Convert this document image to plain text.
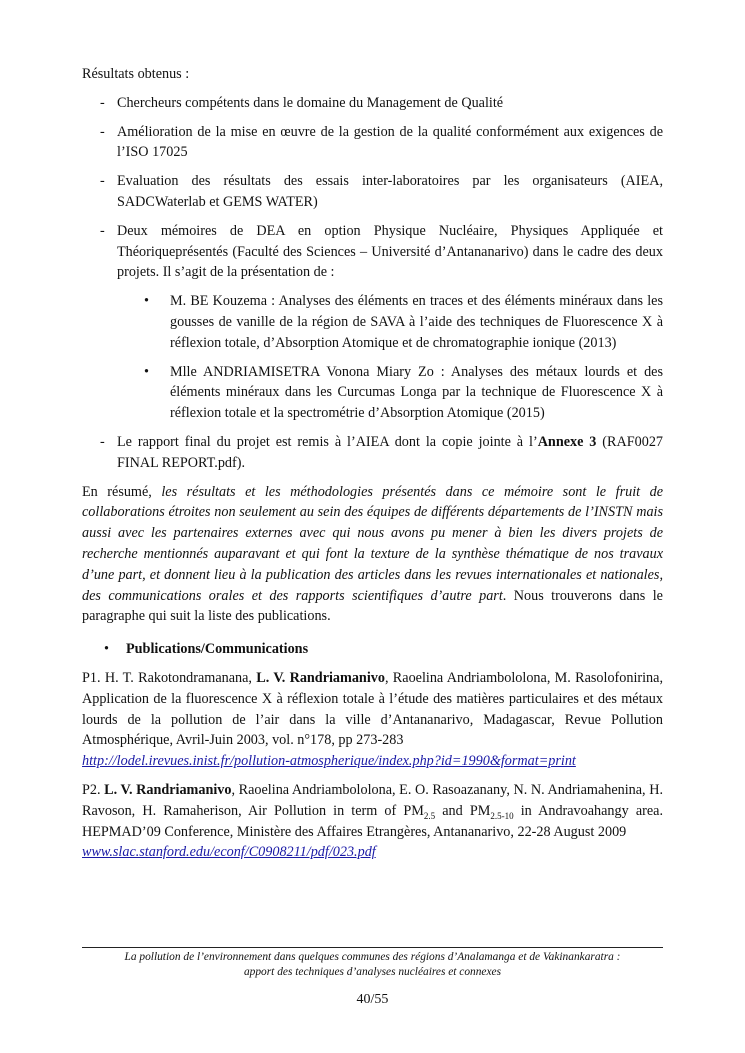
Résultats obtenus :

- Chercheurs compétents dans le domaine du Management de Qualité
- Amélioration de la mise en œuvre de la gestion de la qualité conformément aux exigences de l’ISO 17025
- Evaluation des résultats des essais inter-laboratoires par les organisateurs (AIEA, SADCWaterlab et GEMS WATER)
- Deux mémoires de DEA en option Physique Nucléaire, Physiques Appliquée et Théoriqueprésentés (Faculté des Sciences – Université d’Antananarivo) dans le cadre des deux projets. Il s’agit de la présentation de :
• M. BE Kouzema : Analyses des éléments en traces et des éléments minéraux dans les gousses de vanille de la région de SAVA à l’aide des techniques de Fluorescence X à réflexion totale, d’Absorption Atomique et de chromatographie ionique (2013)
• Mlle ANDRIAMISETRA Vononа Miary Zo : Analyses des métaux lourds et des éléments minéraux dans les Curcumas Longa par la technique de Fluorescence X à réflexion totale et la spectrométrie d’Absorption Atomique (2015)
- Le rapport final du projet est remis à l’AIEA dont la copie jointe à l’Annexe 3 (RAF0027 FINAL REPORT.pdf).

En résumé, les résultats et les méthodologies présentés dans ce mémoire sont le fruit de collaborations étroites non seulement au sein des équipes de différents départements de l’INSTN mais aussi avec les partenaires externes avec qui nous avons pu mener à bien les divers projets de recherche mentionnés auparavant et qui font la texture de la synthèse thématique de nos travaux d’une part, et donnent lieu à la publication des articles dans les revues internationales et nationales, des communications orales et des rapports scientifiques d’autre part. Nous trouverons dans le paragraphe qui suit la liste des publications.

• Publications/Communications
P1. H. T. Rakotondramanana, L. V. Randriamanivo, Raoelina Andriambololona, M. Rasolofonirina, Application de la fluorescence X à réflexion totale à l’étude des matières particulaires et des métaux lourds de la pollution de l’air dans la ville d’Antananarivo, Madagascar, Revue Pollution Atmosphérique, Avril-Juin 2003, vol. n°178, pp 273-283
http://lodel.irevues.inist.fr/pollution-atmospherique/index.php?id=1990&format=print
P2. L. V. Randriamanivo, Raoelina Andriambololona, E. O. Rasoazanany, N. N. Andriamahenina, H. Ravoson, H. Ramaherison, Air Pollution in term of $PM_{2.5}$ and $PM_{2.5-10}$ in Andravoahangy area. HEPMAD’09 Conference, Ministère des Affaires Etrangères, Antananarivo, 22-28 August 2009
www.slac.stanford.edu/econf/C0908211/pdf/023.pdf
La pollution de l’environnement dans quelques communes des régions d’Analamanga et de Vakinankaratra :
apport des techniques d’analyses nucléaires et connexes
40/55
